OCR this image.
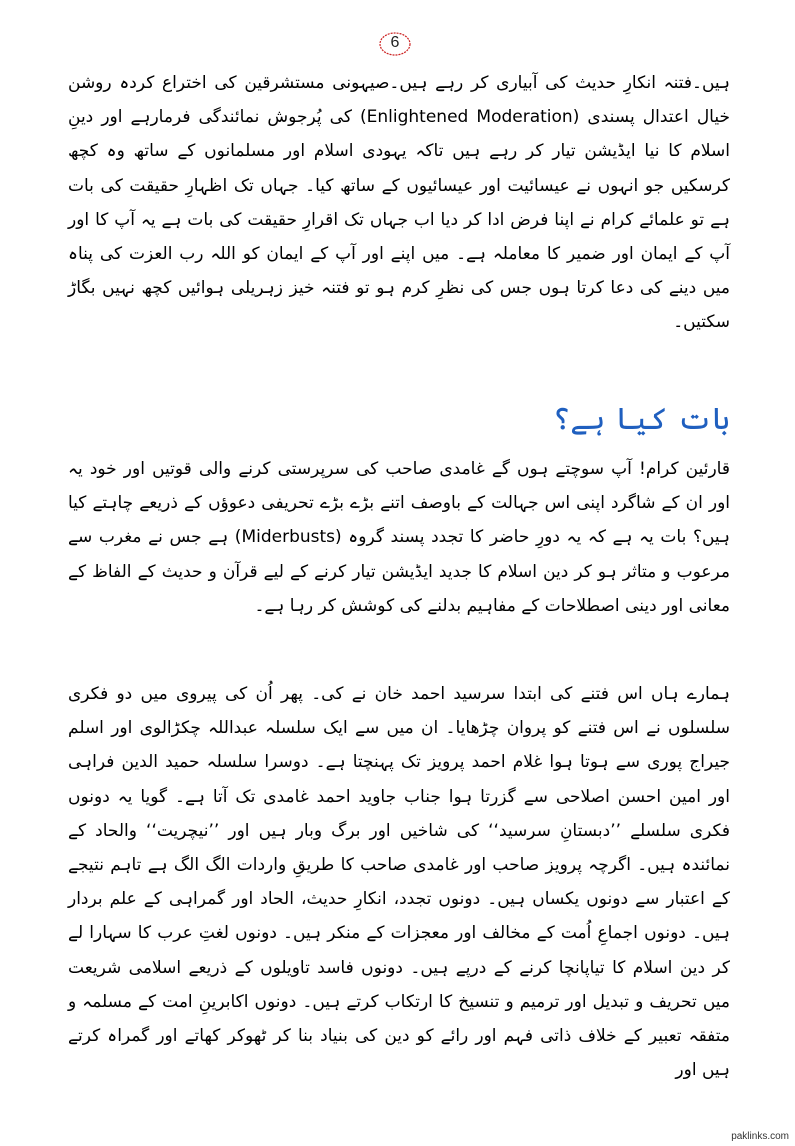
6
ہیں۔فتنہ انکارِ حدیث کی آبیاری کر رہے ہیں۔صیہونی مستشرقین کی اختراع کردہ روشن خیال اعتدال پسندی (Enlightened Moderation) کی پُرجوش نمائندگی فرمارہے اور دینِ اسلام کا نیا ایڈیشن تیار کر رہے ہیں تاکہ یہودی اسلام اور مسلمانوں کے ساتھ وہ کچھ کرسکیں جو انہوں نے عیسائیت اور عیسائیوں کے ساتھ کیا۔ جہاں تک اظہارِ حقیقت کی بات ہے تو علمائے کرام نے اپنا فرض ادا کر دیا اب جہاں تک اقرارِ حقیقت کی بات ہے یہ آپ کا اور آپ کے ایمان اور ضمیر کا معاملہ ہے۔ میں اپنے اور آپ کے ایمان کو اللہ رب العزت کی پناہ میں دینے کی دعا کرتا ہوں جس کی نظرِ کرم ہو تو فتنہ خیز زہریلی ہوائیں کچھ نہیں بگاڑ سکتیں۔
بات کیا ہے؟
قارئین کرام! آپ سوچتے ہوں گے غامدی صاحب کی سرپرستی کرنے والی قوتیں اور خود یہ اور ان کے شاگرد اپنی اس جہالت کے باوصف اتنے بڑے بڑے تحریفی دعوؤں کے ذریعے چاہتے کیا ہیں؟ بات یہ ہے کہ یہ دورِ حاضر کا تجدد پسند گروہ (Miderbusts) ہے جس نے مغرب سے مرعوب و متاثر ہو کر دین اسلام کا جدید ایڈیشن تیار کرنے کے لیے قرآن و حدیث کے الفاظ کے معانی اور دینی اصطلاحات کے مفاہیم بدلنے کی کوشش کر رہا ہے۔
ہمارے ہاں اس فتنے کی ابتدا سرسید احمد خان نے کی۔ پھر اُن کی پیروی میں دو فکری سلسلوں نے اس فتنے کو پروان چڑھایا۔ ان میں سے ایک سلسلہ عبداللہ چکڑالوی اور اسلم جیراج پوری سے ہوتا ہوا غلام احمد پرویز تک پہنچتا ہے۔ دوسرا سلسلہ حمید الدین فراہی اور امین احسن اصلاحی سے گزرتا ہوا جناب جاوید احمد غامدی تک آتا ہے۔ گویا یہ دونوں فکری سلسلے ’’دبستانِ سرسید‘‘ کی شاخیں اور برگ وبار ہیں اور ’’نیچریت‘‘ والحاد کے نمائندہ ہیں۔ اگرچہ پرویز صاحب اور غامدی صاحب کا طریقِ واردات الگ الگ ہے تاہم نتیجے کے اعتبار سے دونوں یکساں ہیں۔ دونوں تجدد، انکارِ حدیث، الحاد اور گمراہی کے علم بردار ہیں۔ دونوں اجماعِ اُمت کے مخالف اور معجزات کے منکر ہیں۔ دونوں لغتِ عرب کا سہارا لے کر دین اسلام کا تیاپانچا کرنے کے درپے ہیں۔ دونوں فاسد تاویلوں کے ذریعے اسلامی شریعت میں تحریف و تبدیل اور ترمیم و تنسیخ کا ارتکاب کرتے ہیں۔ دونوں اکابرینِ امت کے مسلمہ و متفقہ تعبیر کے خلاف ذاتی فہم اور رائے کو دین کی بنیاد بنا کر ٹھوکر کھاتے اور گمراہ کرتے ہیں اور
paklinks.com
